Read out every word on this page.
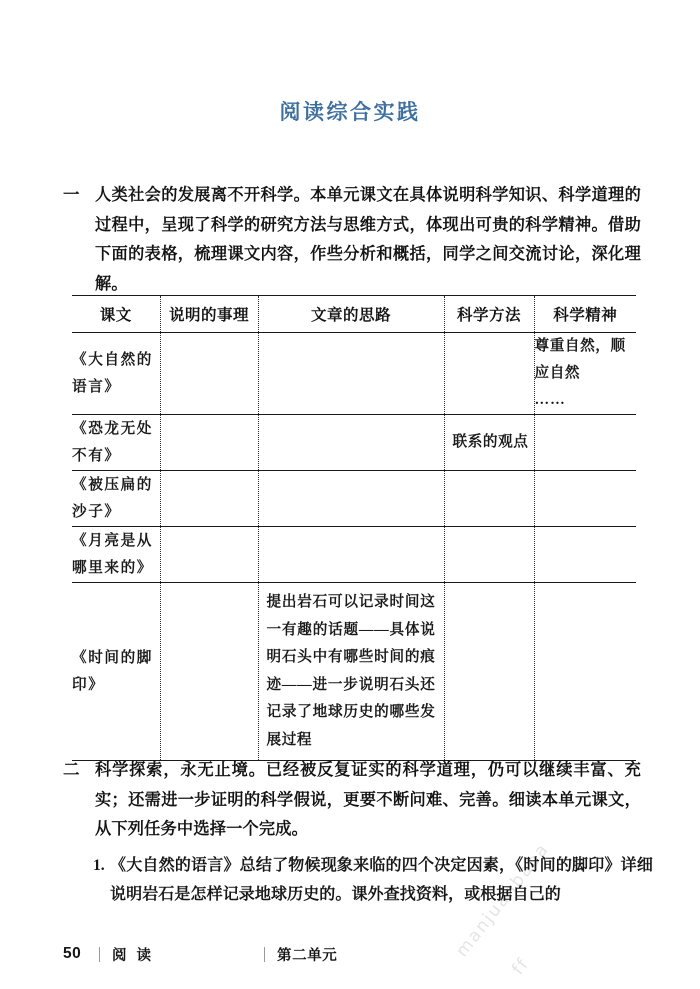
manjuanbaba
ff
阅读综合实践
一 人类社会的发展离不开科学。本单元课文在具体说明科学知识、科学道理的过程中，呈现了科学的研究方法与思维方式，体现出可贵的科学精神。借助下面的表格，梳理课文内容，作些分析和概括，同学之间交流讨论，深化理解。
课文	说明的事理	文章的思路	科学方法	科学精神
《大自然的语言》				尊重自然，顺应自然
……

《恐龙无处不有》			联系的观点	
《被压扁的沙子》				
《月亮是从哪里来的》				
《时间的脚印》		提出岩石可以记录时间这一有趣的话题——具体说明石头中有哪些时间的痕迹——进一步说明石头还记录了地球历史的哪些发展过程		
二 科学探索，永无止境。已经被反复证实的科学道理，仍可以继续丰富、充实；还需进一步证明的科学假说，更要不断问难、完善。细读本单元课文，从下列任务中选择一个完成。
1. 《大自然的语言》总结了物候现象来临的四个决定因素，《时间的脚印》详细说明岩石是怎样记录地球历史的。课外查找资料，或根据自己的
50	阅 读	第二单元
